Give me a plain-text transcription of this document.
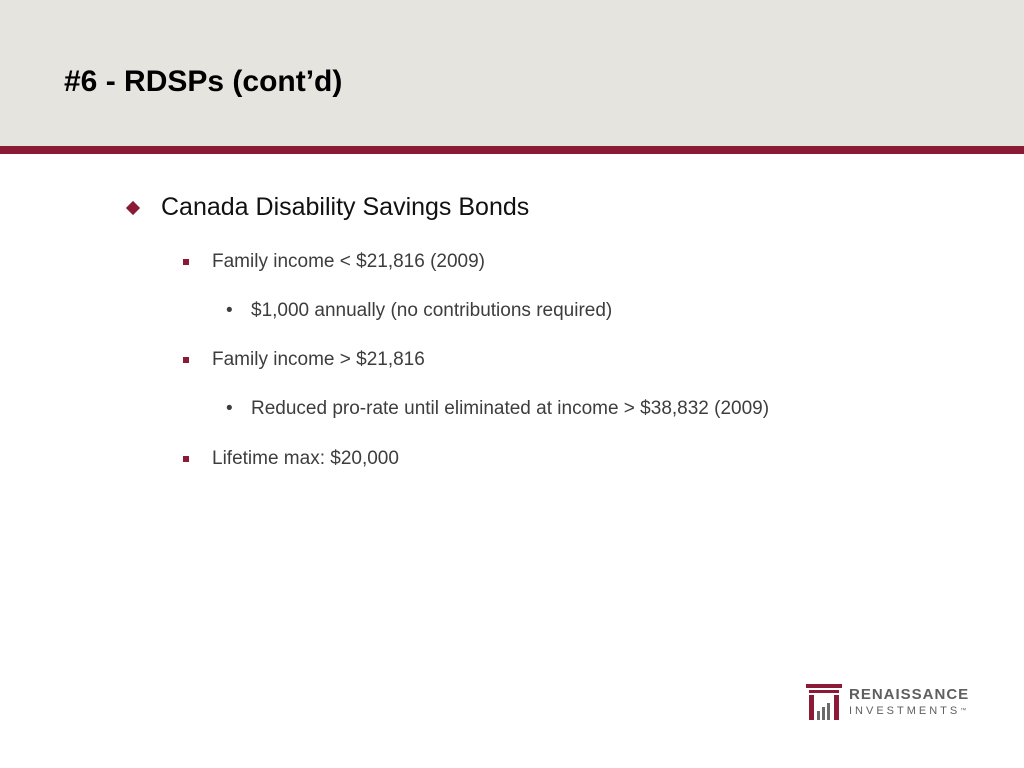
#6 - RDSPs (cont’d)
Canada Disability Savings Bonds
Family income < $21,816 (2009)
• $1,000 annually (no contributions required)
Family income > $21,816
• Reduced pro-rate until eliminated at income > $38,832 (2009)
Lifetime max: $20,000
RENAISSANCE
INVESTMENTS™
